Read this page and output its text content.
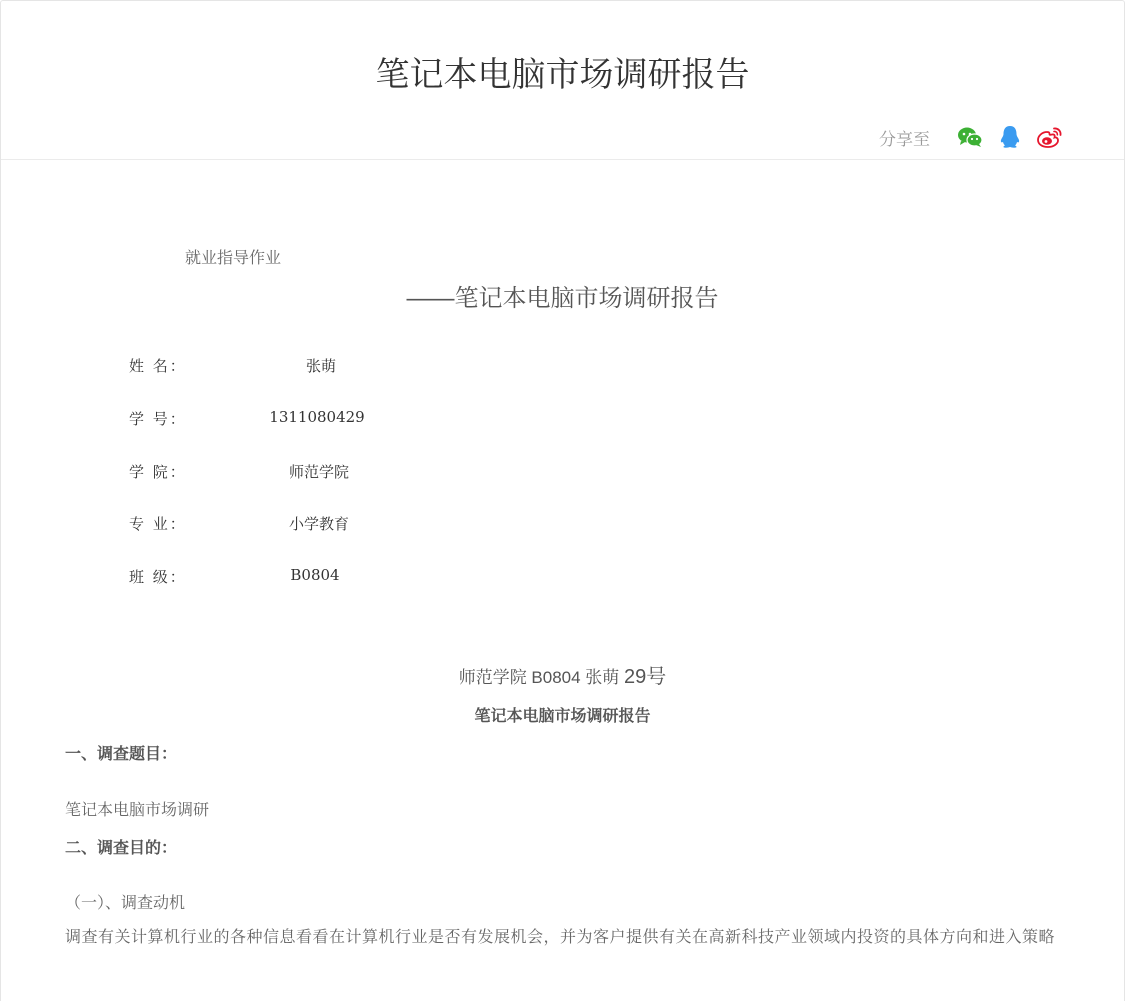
笔记本电脑市场调研报告
分享至
就业指导作业
——笔记本电脑市场调研报告
姓 名：	张萌
学 号：	1311080429
学 院：	师范学院
专 业：	小学教育
班 级：	B0804
师范学院 B0804 张萌 29号
笔记本电脑市场调研报告
一、调查题目：
笔记本电脑市场调研
二、调查目的：
（一）、调查动机
调查有关计算机行业的各种信息看看在计算机行业是否有发展机会，并为客户提供有关在高新科技产业领域内投资的具体方向和进入策略
